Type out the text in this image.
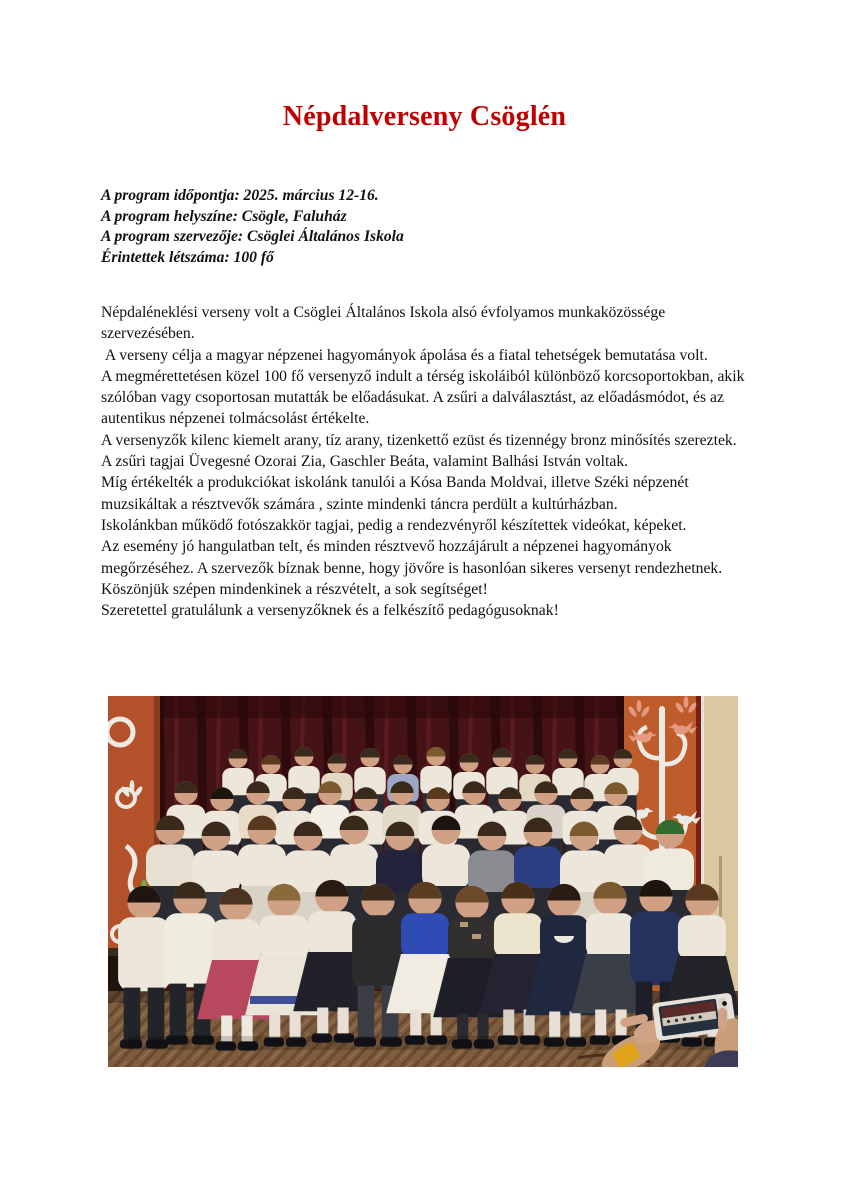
Népdalverseny Csöglén

A program időpontja: 2025. március 12-16.

A program helyszíne: Csögle, Faluház

A program szervezője: Csöglei Általános Iskola

Érintettek létszáma: 100 fő

Népdaléneklési verseny volt a Csöglei Általános Iskola alsó évfolyamos munkaközössége szervezésében.

A verseny célja a magyar népzenei hagyományok ápolása és a fiatal tehetségek bemutatása volt.

A megmérettetésen közel 100 fő versenyző indult a térség iskoláiból különböző korcsoportokban, akik szólóban vagy csoportosan mutatták be előadásukat. A zsűri a dalválasztást, az előadásmódot, és az autentikus népzenei tolmácsolást értékelte.

A versenyzők kilenc kiemelt arany, tíz arany, tizenkettő ezüst és tizennégy bronz minősítés szereztek. A zsűri tagjai Üvegesné Ozorai Zia, Gaschler Beáta, valamint Balhási István voltak.

Míg értékelték a produkciókat iskolánk tanulói a Kósa Banda Moldvai, illetve Széki népzenét muzsikáltak a résztvevők számára , szinte mindenki táncra perdült a kultúrházban.

Iskolánkban működő fotószakkör tagjai, pedig a rendezvényről készítettek videókat, képeket.

Az esemény jó hangulatban telt, és minden résztvevő hozzájárult a népzenei hagyományok megőrzéséhez. A szervezők bíznak benne, hogy jövőre is hasonlóan sikeres versenyt rendezhetnek.

Köszönjük szépen mindenkinek a részvételt, a sok segítséget!

Szeretettel gratulálunk a versenyzőknek és a felkészítő pedagógusoknak!
